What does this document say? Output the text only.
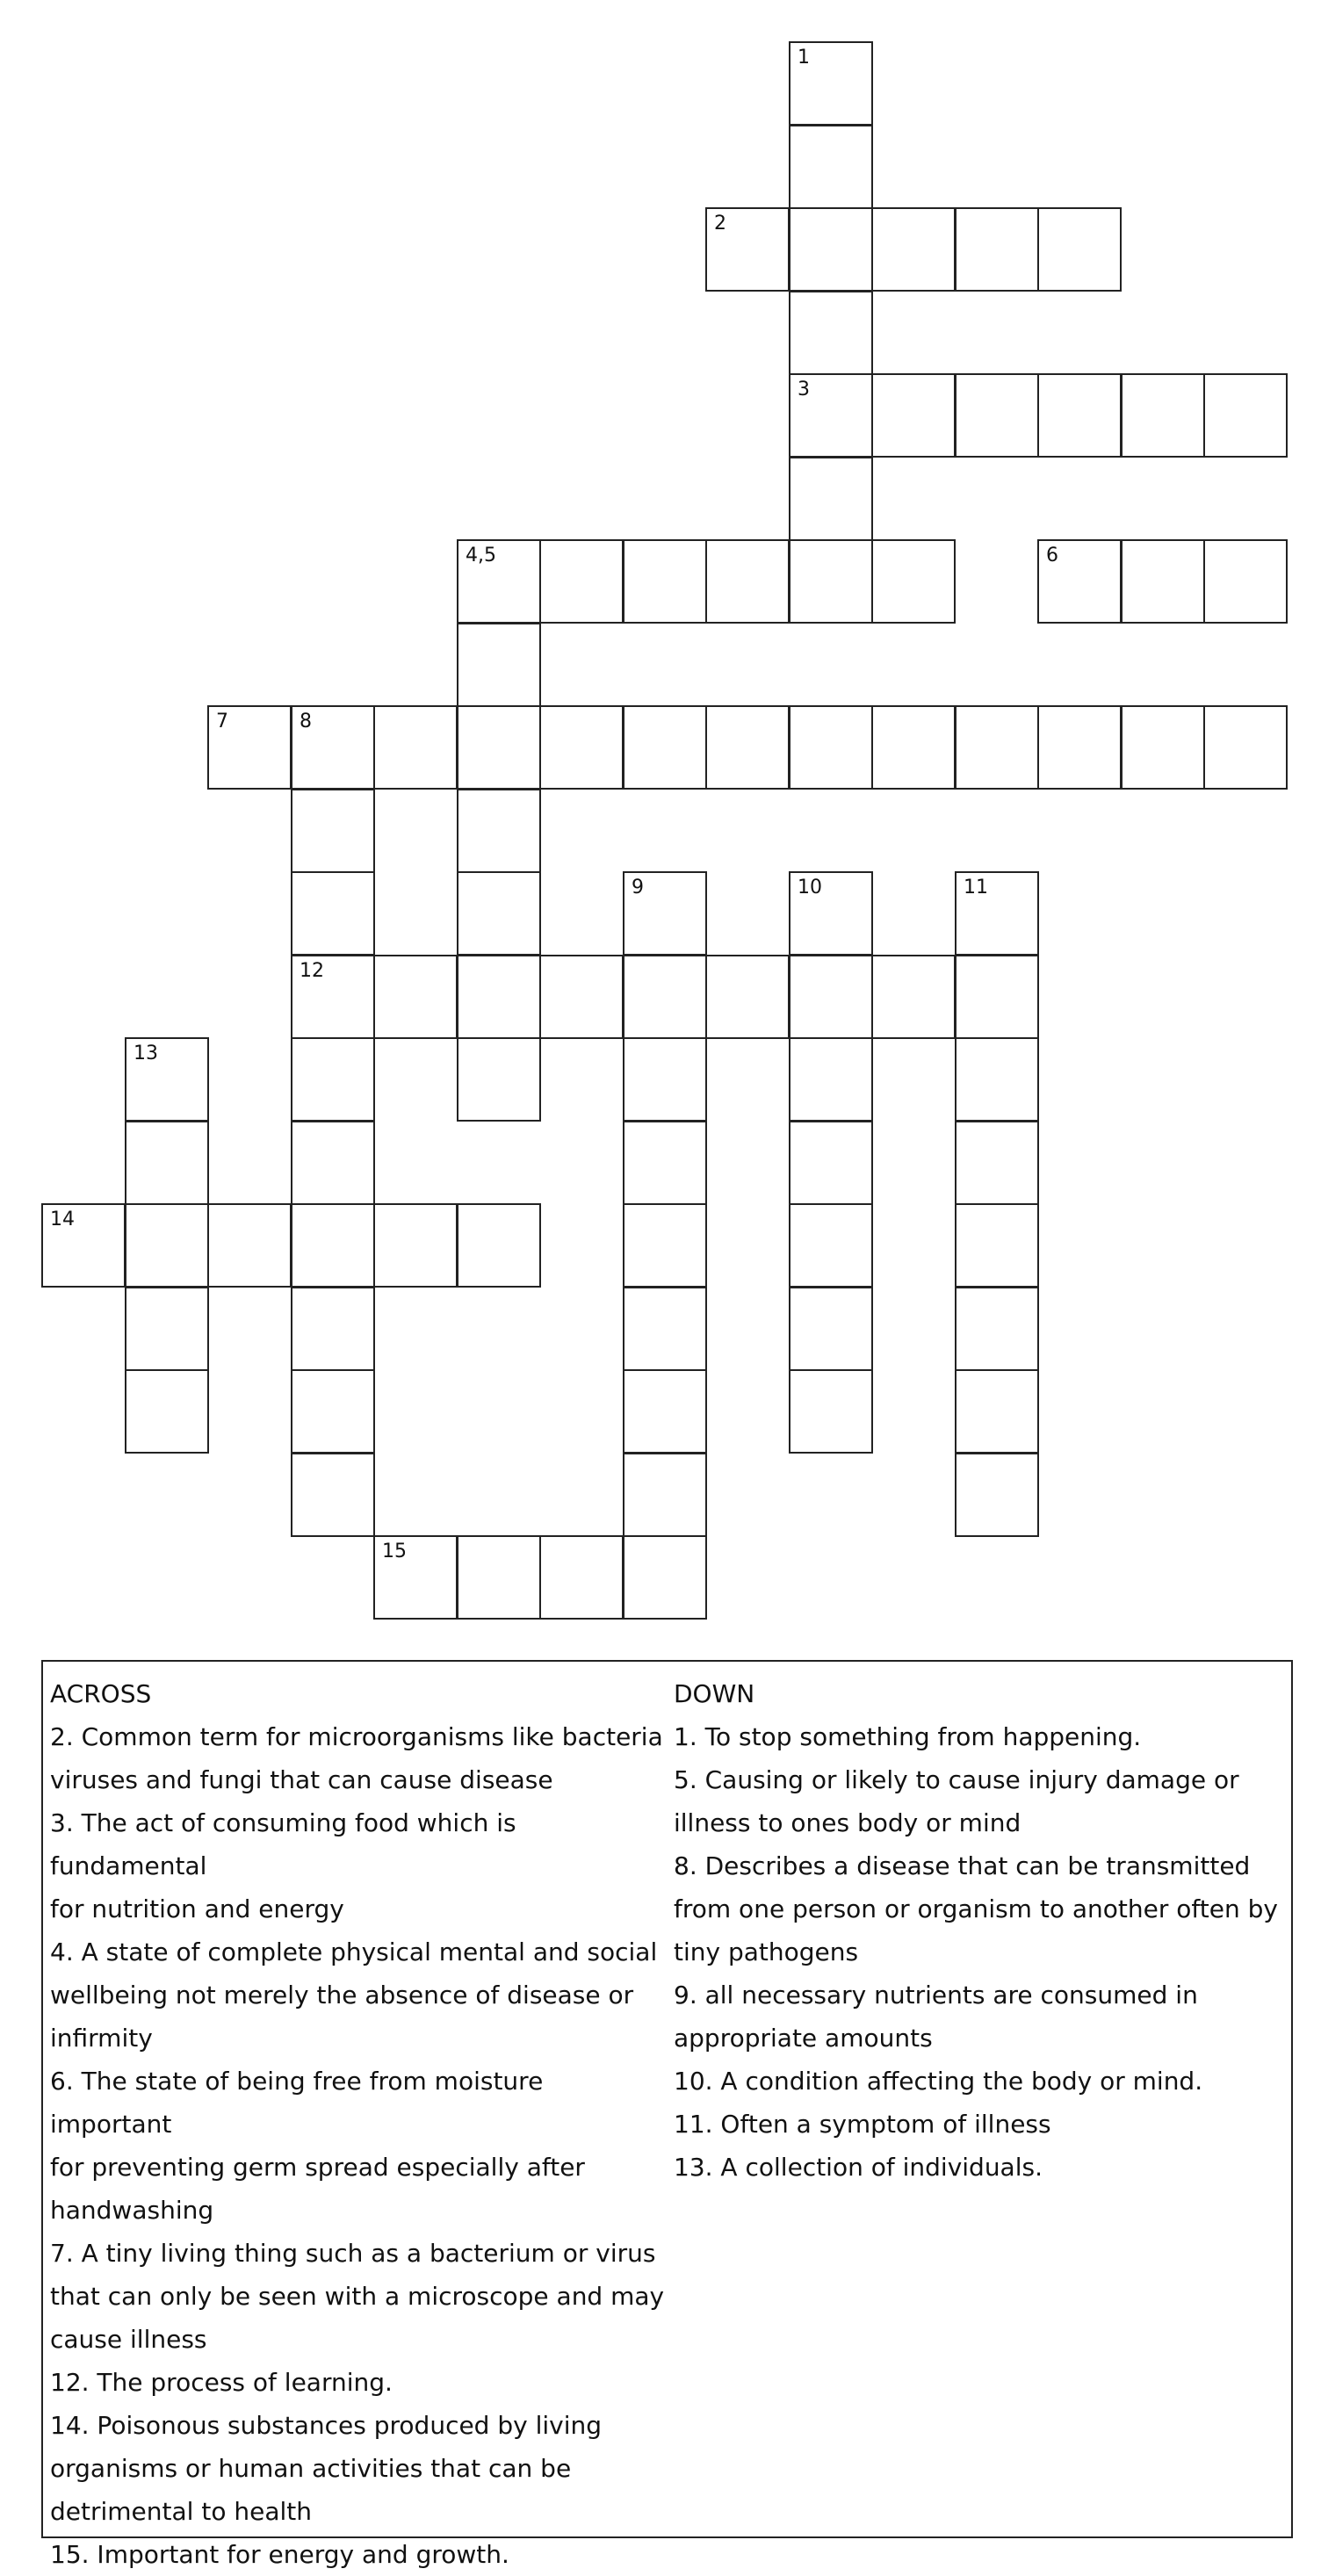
1
2
3
4,5	6
7	8
9	10	11
12
13
14
15
ACROSS
2. Common term for microorganisms like bacteria
viruses and fungi that can cause disease
3. The act of consuming food which is fundamental
for nutrition and energy
4. A state of complete physical mental and social
wellbeing not merely the absence of disease or
infirmity
6. The state of being free from moisture important
for preventing germ spread especially after
handwashing
7. A tiny living thing such as a bacterium or virus
that can only be seen with a microscope and may
cause illness
12. The process of learning.
14. Poisonous substances produced by living
organisms or human activities that can be
detrimental to health
15. Important for energy and growth.
DOWN
1. To stop something from happening.
5. Causing or likely to cause injury damage or
illness to ones body or mind
8. Describes a disease that can be transmitted
from one person or organism to another often by
tiny pathogens
9. all necessary nutrients are consumed in
appropriate amounts
10. A condition affecting the body or mind.
11. Often a symptom of illness
13. A collection of individuals.
